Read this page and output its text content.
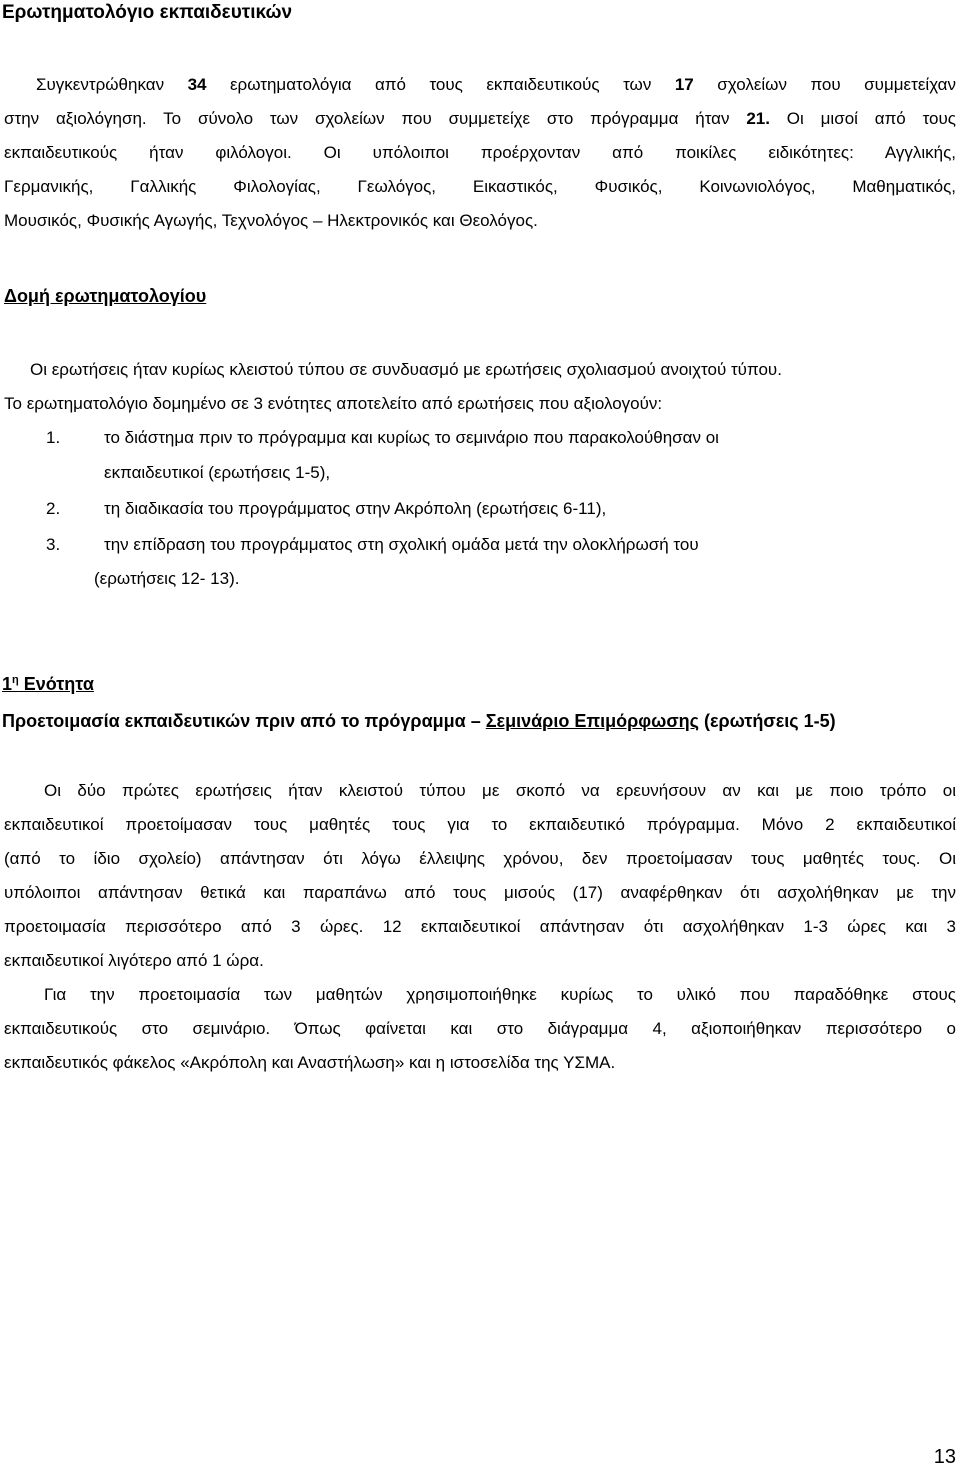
Ερωτηματολόγιο εκπαιδευτικών
Συγκεντρώθηκαν 34 ερωτηματολόγια από τους εκπαιδευτικούς των 17 σχολείων που συμμετείχαν
στην αξιολόγηση. Το σύνολο των σχολείων που συμμετείχε στο πρόγραμμα ήταν 21. Οι μισοί από τους
εκπαιδευτικούς ήταν φιλόλογοι. Οι υπόλοιποι προέρχονταν από ποικίλες ειδικότητες: Αγγλικής,
Γερμανικής, Γαλλικής Φιλολογίας, Γεωλόγος, Εικαστικός, Φυσικός, Κοινωνιολόγος, Μαθηματικός,
Μουσικός, Φυσικής Αγωγής, Τεχνολόγος – Ηλεκτρονικός και Θεολόγος.
Δομή ερωτηματολογίου
Οι ερωτήσεις ήταν κυρίως κλειστού τύπου σε συνδυασμό με ερωτήσεις σχολιασμού ανοιχτού τύπου.
Το ερωτηματολόγιο δομημένο σε 3 ενότητες αποτελείτο από ερωτήσεις που αξιολογούν:
1.	το διάστημα πριν το πρόγραμμα και κυρίως το σεμινάριο που παρακολούθησαν οι
εκπαιδευτικοί (ερωτήσεις 1-5),
2.	τη διαδικασία του προγράμματος στην Ακρόπολη (ερωτήσεις 6-11),
3.	την επίδραση του προγράμματος στη σχολική ομάδα μετά την ολοκλήρωσή του
(ερωτήσεις 12- 13).
$1^\eta$ Ενότητα
Προετοιμασία εκπαιδευτικών πριν από το πρόγραμμα – Σεμινάριο Επιμόρφωσης (ερωτήσεις 1-5)
Οι δύο πρώτες ερωτήσεις ήταν κλειστού τύπου με σκοπό να ερευνήσουν αν και με ποιο τρόπο οι
εκπαιδευτικοί προετοίμασαν τους μαθητές τους για το εκπαιδευτικό πρόγραμμα. Μόνο 2 εκπαιδευτικοί
(από το ίδιο σχολείο) απάντησαν ότι λόγω έλλειψης χρόνου, δεν προετοίμασαν τους μαθητές τους. Οι
υπόλοιποι απάντησαν θετικά και παραπάνω από τους μισούς (17) αναφέρθηκαν ότι ασχολήθηκαν με την
προετοιμασία περισσότερο από 3 ώρες. 12 εκπαιδευτικοί απάντησαν ότι ασχολήθηκαν 1-3 ώρες και 3
εκπαιδευτικοί λιγότερο από 1 ώρα.
Για την προετοιμασία των μαθητών χρησιμοποιήθηκε κυρίως το υλικό που παραδόθηκε στους
εκπαιδευτικούς στο σεμινάριο. Όπως φαίνεται και στο διάγραμμα 4, αξιοποιήθηκαν περισσότερο ο
εκπαιδευτικός φάκελος «Ακρόπολη και Αναστήλωση» και η ιστοσελίδα της ΥΣΜΑ.
13
